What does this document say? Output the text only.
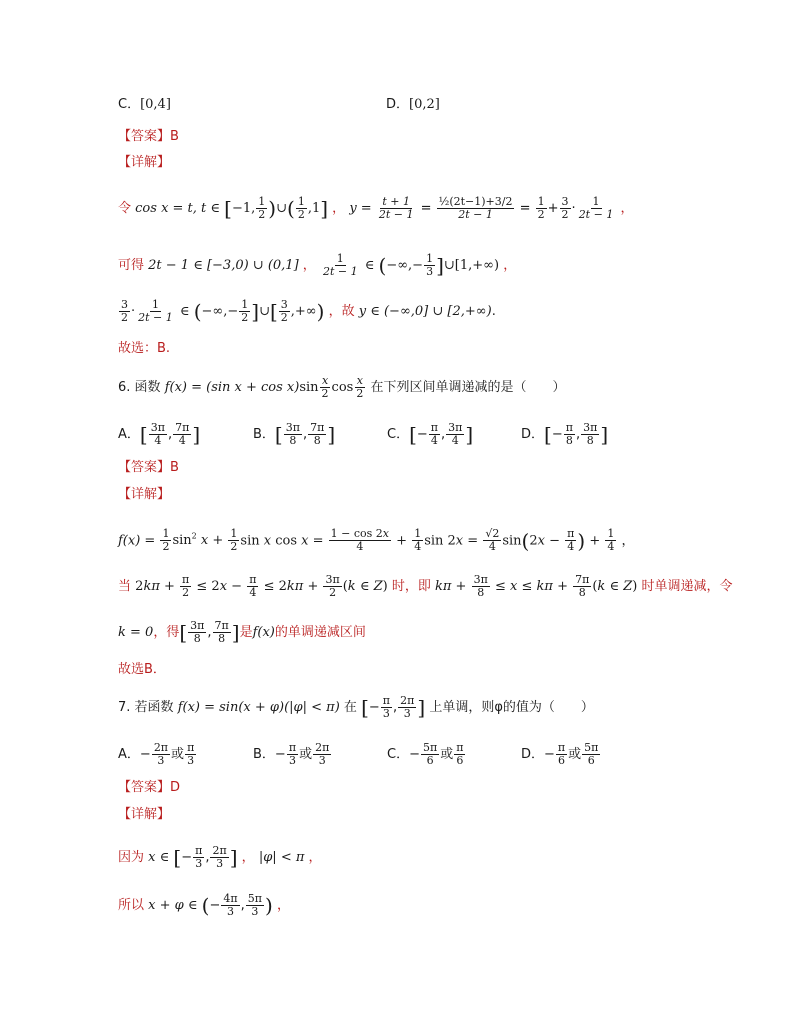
C．[0,4]	D．[0,2]
【答案】B
【详解】
令 cos x = t, t ∈ [−1, $\frac{1}{2}$ )∪( $\frac{1}{2} ,1$] ， $y = \frac{t + 1}{2t - 1} = \frac{\text{½(2t−1)+3/2}}{2t - 1} = \frac{1}{2} + \frac{3}{2} \cdot \frac{1}{2t - 1}$ ，
可得 2t − 1 ∈ [−3,0) ∪ (0,1] ， $\frac{1}{2t - 1}$ ∈ (−∞,− $\frac{1}{3}$ ]∪[1,+∞) ，
$\frac{3}{2} \cdot \frac{1}{2t - 1}$ ∈ (−∞,− $\frac{1}{2}$ ]∪[ $\frac{3}{2}$ ,+∞) ，故 y ∈ (−∞,0] ∪ [2,+∞).
故选：B.
6. 函数 f(x) = (sin $x + \cos x)\sin \frac{x}{2}$ $\cos \frac{x}{2}$ 在下列区间单调递减的是（　　）
A．[ $\frac{3\pi}{4}$ , $\frac{7\pi}{4}$ ]	B．[ $\frac{3\pi}{8}$ , $\frac{7\pi}{8}$ ]	C．[− $\frac{\pi}{4}$ , $\frac{3\pi}{4}$ ]	D．[− $\frac{\pi}{8}$ , $\frac{3\pi}{8}$ ]
【答案】B
【详解】
$f(x) = \frac{1}{2} \sin^2 x + \frac{1}{2}$ sin x $\cos x = \frac{1 - \cos 2x}{4} + \frac{1}{4}$ $\sin 2x = \frac{√2}{4} \sin(2x - \frac{\pi}{4}$ ) + $\frac{1}{4}$ ，
当 $2k\pi + \frac{\pi}{2} \le 2x - \frac{\pi}{4} \le 2k\pi + \frac{3\pi}{2} (k$ ∈ Z) 时，即 $k\pi + \frac{3\pi}{8} \le x \le k\pi + \frac{7\pi}{8} (k$ ∈ Z) 时单调递减，令
k = 0，得[ $\frac{3\pi}{8}$ , $\frac{7\pi}{8}$ ]是f(x)的单调递减区间
故选B．
7. 若函数 f(x) = sin(x + φ)(|φ| < π) 在 [− $\frac{\pi}{3}$ , $\frac{2\pi}{3}$ ] 上单调，则φ的值为（　　）
A．− $\frac{2\pi}{3}$ 或 $\frac{\pi}{3}$	B．− $\frac{\pi}{3}$ 或 $\frac{2\pi}{3}$	C．− $\frac{5\pi}{6}$ 或 $\frac{\pi}{6}$	D．− $\frac{\pi}{6}$ 或 $\frac{5\pi}{6}$
【答案】D
【详解】
因为 x ∈ [− $\frac{\pi}{3}$ , $\frac{2\pi}{3}$ ] ， |φ| < π ，
所以 x + φ ∈ (− $\frac{4\pi}{3}$ , $\frac{5\pi}{3}$ ) ，
